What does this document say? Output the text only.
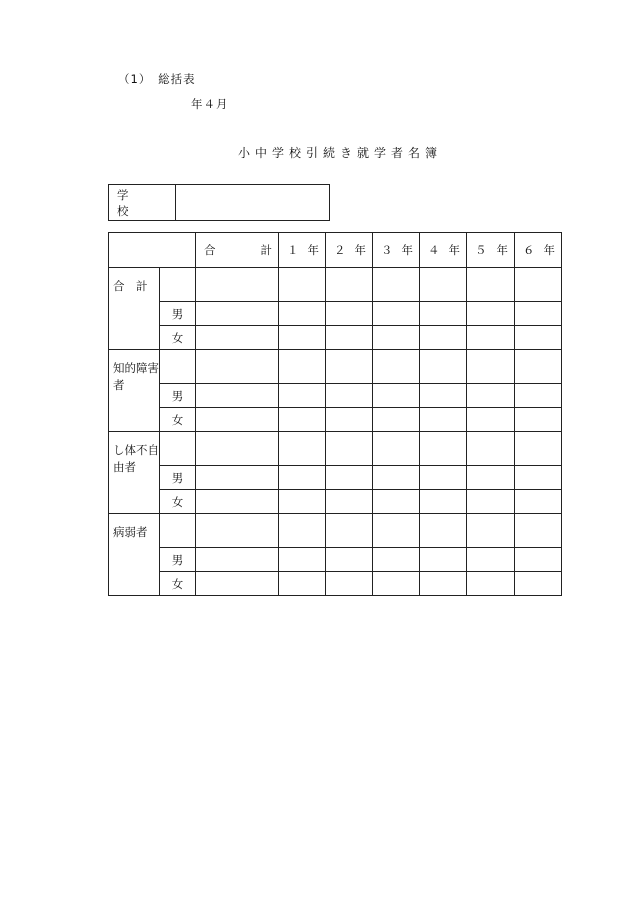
（1）　総括表
年４月
小中学校引続き就学者名簿
学　校	

		合 計	１ 年	２ 年	３ 年	４ 年	５ 年	６ 年

合　計								

	男							
	女							

知的障害者								

	男							
	女							

し体不自由者								

	男							
	女							

病弱者								

	男							
	女							
